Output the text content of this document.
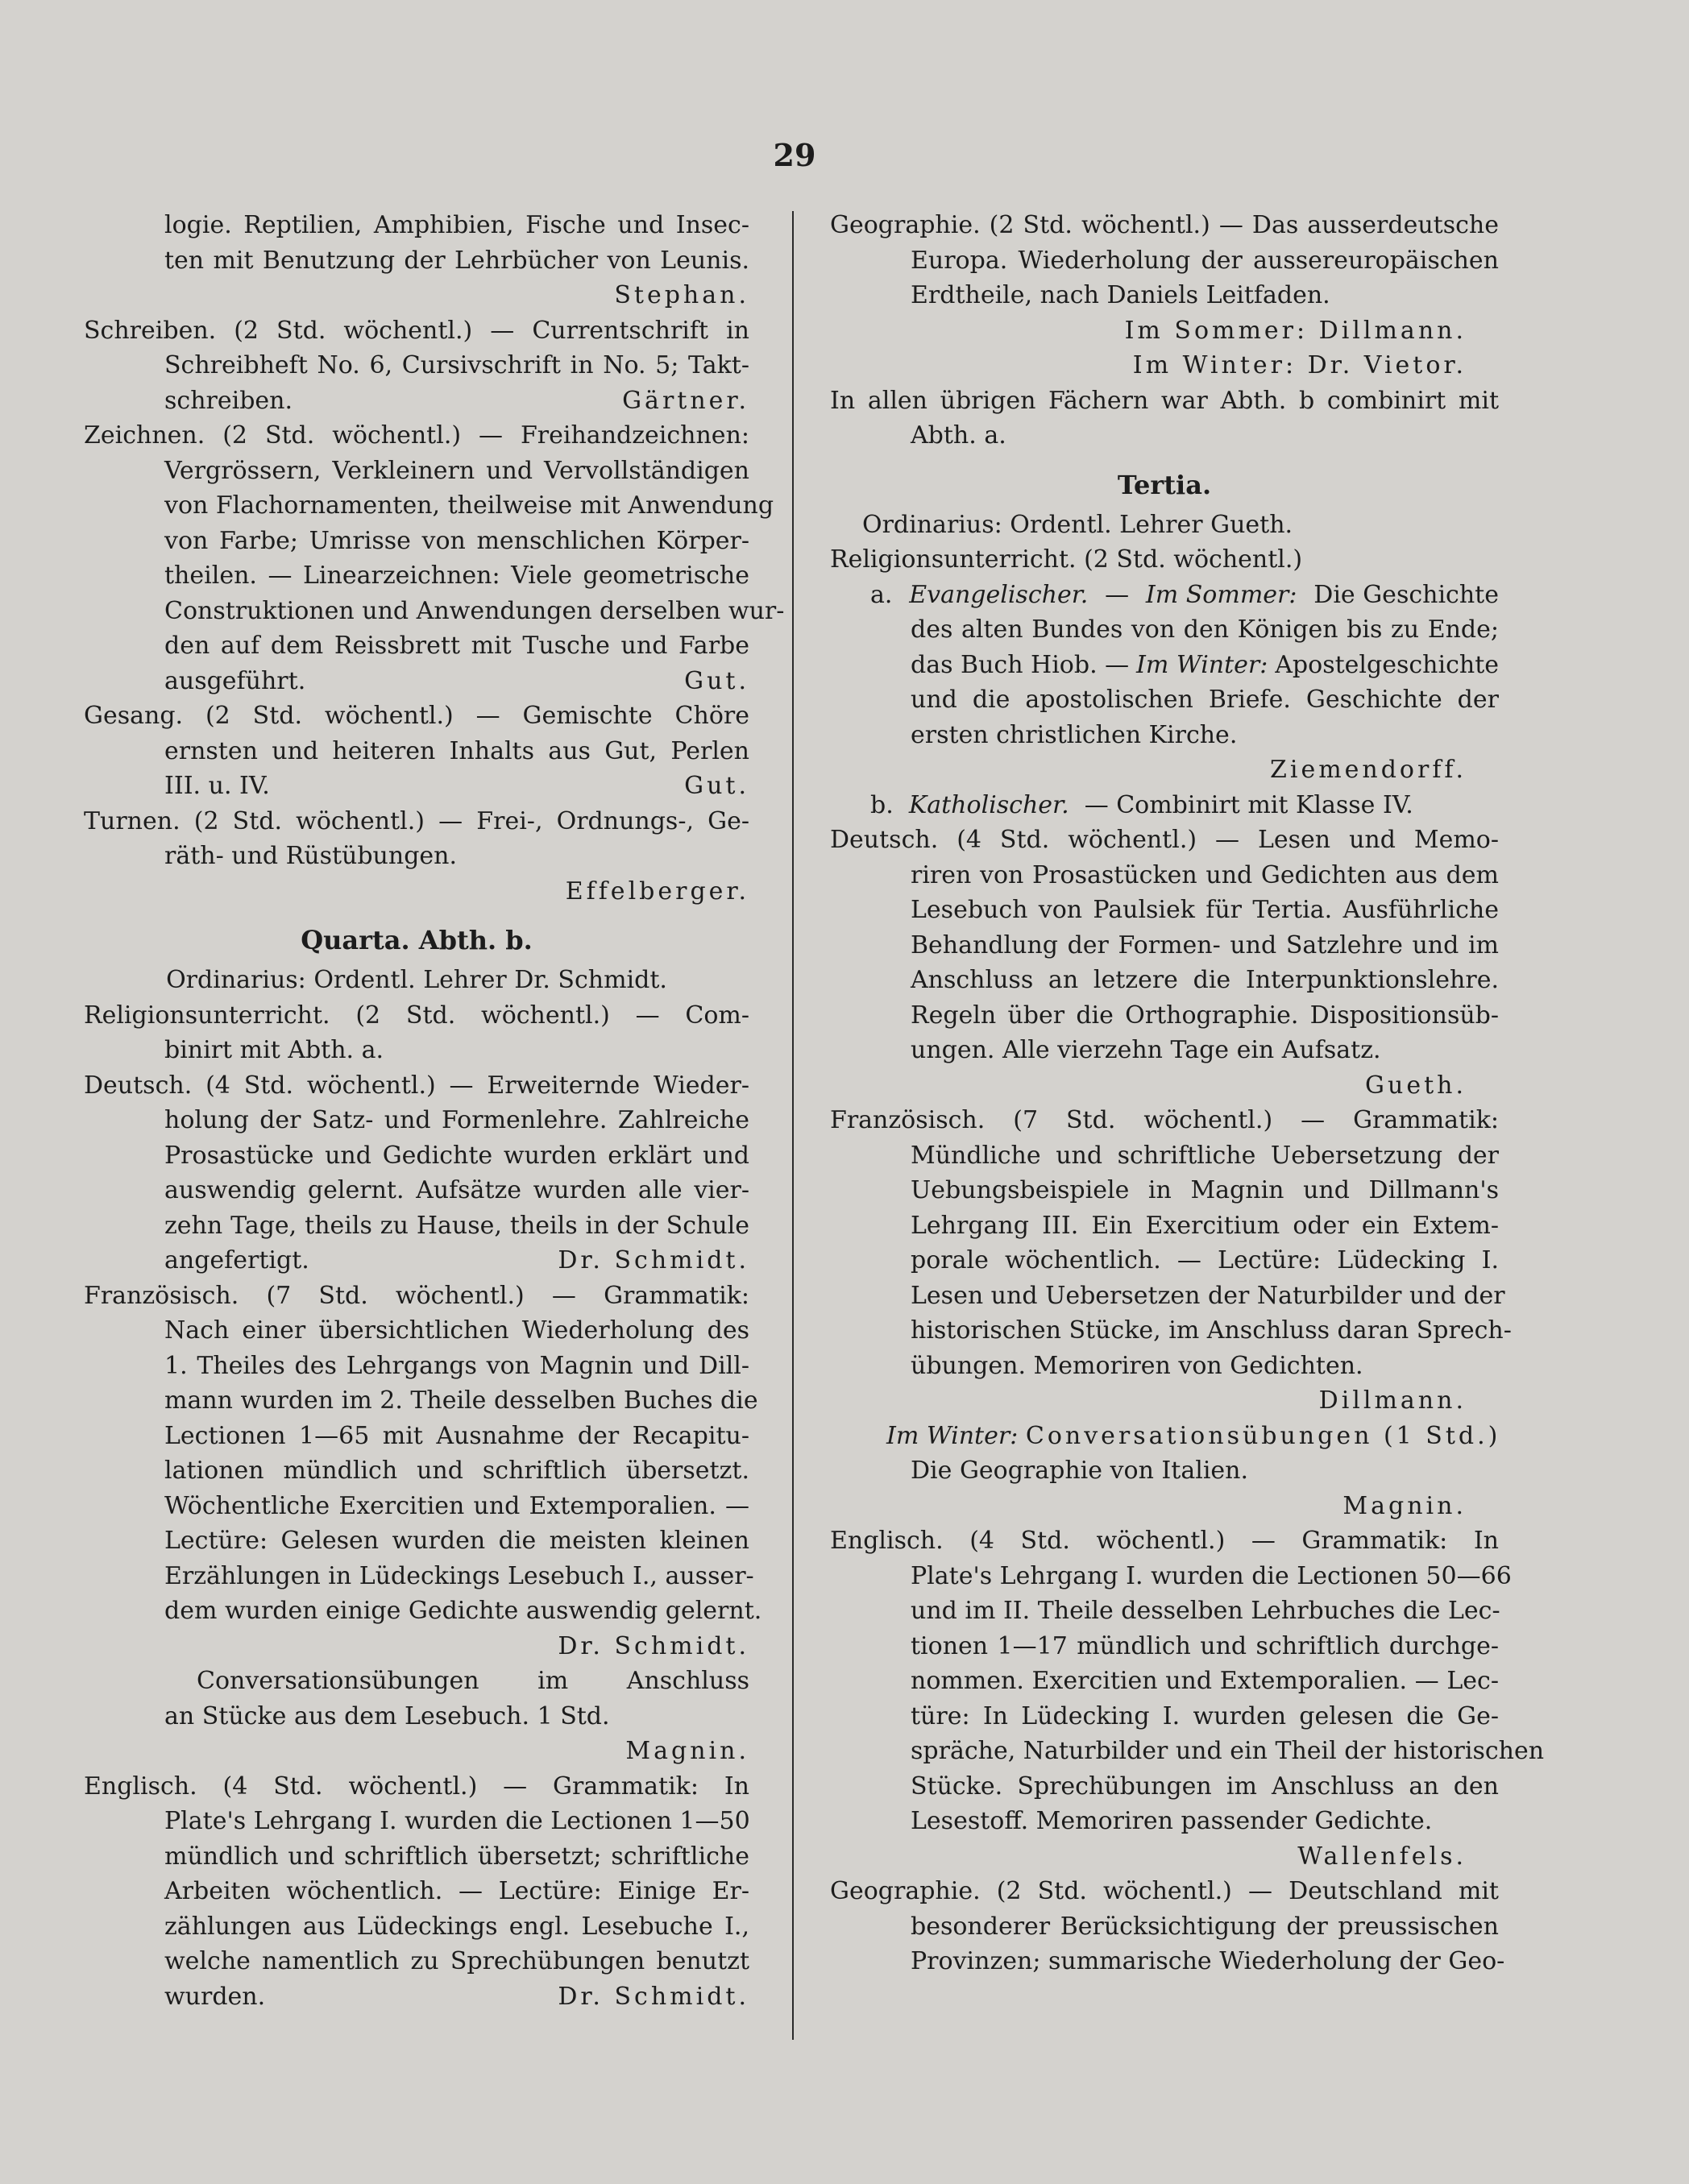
29
logie. Reptilien, Amphibien, Fische und Insec-
ten mit Benutzung der Lehrbücher von Leunis.
Stephan.
Schreiben. (2 Std. wöchentl.) — Currentschrift in
Schreibheft No. 6, Cursivschrift in No. 5; Takt-
schreiben.	Gärtner.
Zeichnen. (2 Std. wöchentl.) — Freihandzeichnen:
Vergrössern, Verkleinern und Vervollständigen
von Flachornamenten, theilweise mit Anwendung
von Farbe; Umrisse von menschlichen Körper-
theilen. — Linearzeichnen: Viele geometrische
Construktionen und Anwendungen derselben wur-
den auf dem Reissbrett mit Tusche und Farbe
ausgeführt.	Gut.
Gesang. (2 Std. wöchentl.) — Gemischte Chöre
ernsten und heiteren Inhalts aus Gut, Perlen
III. u. IV.	Gut.
Turnen. (2 Std. wöchentl.) — Frei-, Ordnungs-, Ge-
räth- und Rüstübungen.
Effelberger.
Quarta. Abth. b.
Ordinarius: Ordentl. Lehrer Dr. Schmidt.
Religionsunterricht. (2 Std. wöchentl.) — Com-
binirt mit Abth. a.
Deutsch. (4 Std. wöchentl.) — Erweiternde Wieder-
holung der Satz- und Formenlehre. Zahlreiche
Prosastücke und Gedichte wurden erklärt und
auswendig gelernt. Aufsätze wurden alle vier-
zehn Tage, theils zu Hause, theils in der Schule
angefertigt.	Dr. Schmidt.
Französisch. (7 Std. wöchentl.) — Grammatik:
Nach einer übersichtlichen Wiederholung des
1. Theiles des Lehrgangs von Magnin und Dill-
mann wurden im 2. Theile desselben Buches die
Lectionen 1—65 mit Ausnahme der Recapitu-
lationen mündlich und schriftlich übersetzt.
Wöchentliche Exercitien und Extemporalien. —
Lectüre: Gelesen wurden die meisten kleinen
Erzählungen in Lüdeckings Lesebuch I., ausser-
dem wurden einige Gedichte auswendig gelernt.
Dr. Schmidt.
Conversationsübungen im Anschluss
an Stücke aus dem Lesebuch. 1 Std.
Magnin.
Englisch. (4 Std. wöchentl.) — Grammatik: In
Plate's Lehrgang I. wurden die Lectionen 1—50
mündlich und schriftlich übersetzt; schriftliche
Arbeiten wöchentlich. — Lectüre: Einige Er-
zählungen aus Lüdeckings engl. Lesebuche I.,
welche namentlich zu Sprechübungen benutzt
wurden.	Dr. Schmidt.
Geographie. (2 Std. wöchentl.) — Das ausserdeutsche
Europa. Wiederholung der aussereuropäischen
Erdtheile, nach Daniels Leitfaden.
Im Sommer: Dillmann.
Im Winter: Dr. Vietor.
In allen übrigen Fächern war Abth. b combinirt mit
Abth. a.
Tertia.
Ordinarius: Ordentl. Lehrer Gueth.
Religionsunterricht. (2 Std. wöchentl.)
a. Evangelischer. — Im Sommer: Die Geschichte
des alten Bundes von den Königen bis zu Ende;
das Buch Hiob. — Im Winter: Apostelgeschichte
und die apostolischen Briefe. Geschichte der
ersten christlichen Kirche.
Ziemendorff.
b. Katholischer. — Combinirt mit Klasse IV.
Deutsch. (4 Std. wöchentl.) — Lesen und Memo-
riren von Prosastücken und Gedichten aus dem
Lesebuch von Paulsiek für Tertia. Ausführliche
Behandlung der Formen- und Satzlehre und im
Anschluss an letzere die Interpunktionslehre.
Regeln über die Orthographie. Dispositionsüb-
ungen. Alle vierzehn Tage ein Aufsatz.
Gueth.
Französisch. (7 Std. wöchentl.) — Grammatik:
Mündliche und schriftliche Uebersetzung der
Uebungsbeispiele in Magnin und Dillmann's
Lehrgang III. Ein Exercitium oder ein Extem-
porale wöchentlich. — Lectüre: Lüdecking I.
Lesen und Uebersetzen der Naturbilder und der
historischen Stücke, im Anschluss daran Sprech-
übungen. Memoriren von Gedichten.
Dillmann.
Im Winter: Conversationsübungen (1 Std.)
Die Geographie von Italien.
Magnin.
Englisch. (4 Std. wöchentl.) — Grammatik: In
Plate's Lehrgang I. wurden die Lectionen 50—66
und im II. Theile desselben Lehrbuches die Lec-
tionen 1—17 mündlich und schriftlich durchge-
nommen. Exercitien und Extemporalien. — Lec-
türe: In Lüdecking I. wurden gelesen die Ge-
spräche, Naturbilder und ein Theil der historischen
Stücke. Sprechübungen im Anschluss an den
Lesestoff. Memoriren passender Gedichte.
Wallenfels.
Geographie. (2 Std. wöchentl.) — Deutschland mit
besonderer Berücksichtigung der preussischen
Provinzen; summarische Wiederholung der Geo-
